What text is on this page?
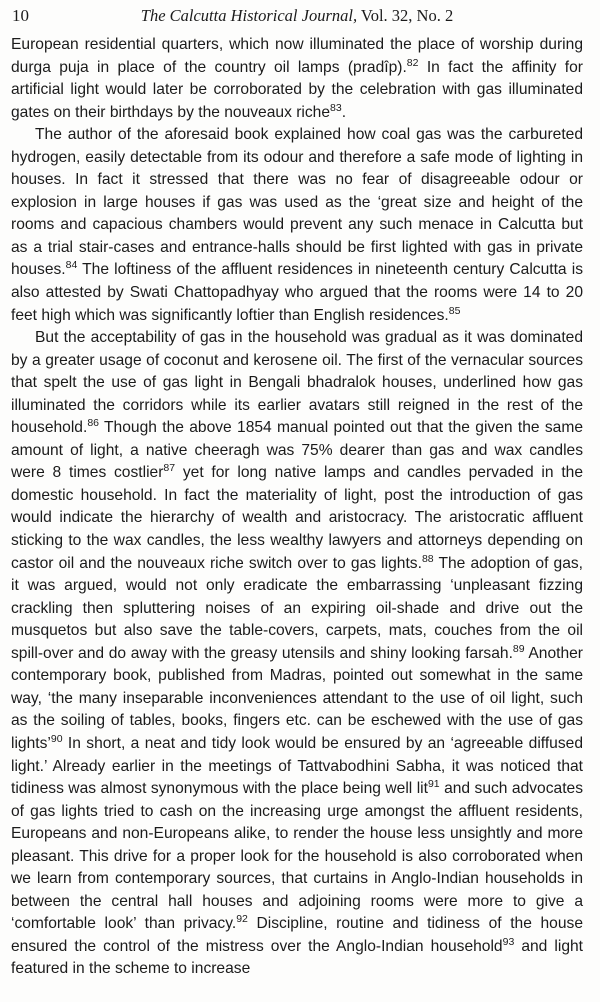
10	The Calcutta Historical Journal, Vol. 32, No. 2

European residential quarters, which now illuminated the place of worship during durga puja in place of the country oil lamps (pradîp).$^{82}$ In fact the affinity for artificial light would later be corroborated by the celebration with gas illuminated gates on their birthdays by the nouveaux riche$^{83}$.

The author of the aforesaid book explained how coal gas was the carbureted hydrogen, easily detectable from its odour and therefore a safe mode of lighting in houses. In fact it stressed that there was no fear of disagreeable odour or explosion in large houses if gas was used as the ‘great size and height of the rooms and capacious chambers would prevent any such menace in Calcutta but as a trial stair-cases and entrance-halls should be first lighted with gas in private houses.$^{84}$ The loftiness of the affluent residences in nineteenth century Calcutta is also attested by Swati Chattopadhyay who argued that the rooms were 14 to 20 feet high which was significantly loftier than English residences.$^{85}$

But the acceptability of gas in the household was gradual as it was dominated by a greater usage of coconut and kerosene oil. The first of the vernacular sources that spelt the use of gas light in Bengali bhadralok houses, underlined how gas illuminated the corridors while its earlier avatars still reigned in the rest of the household.$^{86}$ Though the above 1854 manual pointed out that the given the same amount of light, a native cheeragh was 75% dearer than gas and wax candles were 8 times costlier$^{87}$ yet for long native lamps and candles pervaded in the domestic household. In fact the materiality of light, post the introduction of gas would indicate the hierarchy of wealth and aristocracy. The aristocratic affluent sticking to the wax candles, the less wealthy lawyers and attorneys depending on castor oil and the nouveaux riche switch over to gas lights.$^{88}$ The adoption of gas, it was argued, would not only eradicate the embarrassing ‘unpleasant fizzing crackling then spluttering noises of an expiring oil-shade and drive out the musquetos but also save the table-covers, carpets, mats, couches from the oil spill-over and do away with the greasy utensils and shiny looking farsah.$^{89}$ Another contemporary book, published from Madras, pointed out somewhat in the same way, ‘the many inseparable inconveniences attendant to the use of oil light, such as the soiling of tables, books, fingers etc. can be eschewed with the use of gas lights’$^{90}$ In short, a neat and tidy look would be ensured by an ‘agreeable diffused light.’ Already earlier in the meetings of Tattvabodhini Sabha, it was noticed that tidiness was almost synonymous with the place being well lit$^{91}$ and such advocates of gas lights tried to cash on the increasing urge amongst the affluent residents, Europeans and non-Europeans alike, to render the house less unsightly and more pleasant. This drive for a proper look for the household is also corroborated when we learn from contemporary sources, that curtains in Anglo-Indian households in between the central hall houses and adjoining rooms were more to give a ‘comfortable look’ than privacy.$^{92}$ Discipline, routine and tidiness of the house ensured the control of the mistress over the Anglo-Indian household$^{93}$ and light featured in the scheme to increase
